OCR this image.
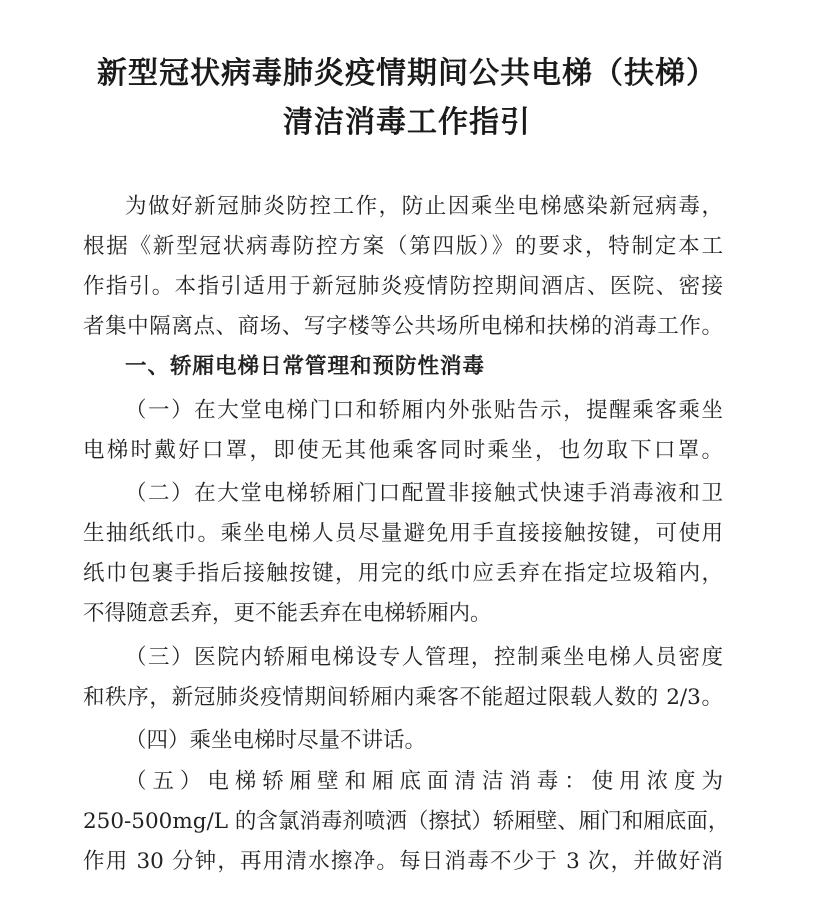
新型冠状病毒肺炎疫情期间公共电梯（扶梯）
清洁消毒工作指引
为做好新冠肺炎防控工作，防止因乘坐电梯感染新冠病毒，
根据《新型冠状病毒防控方案（第四版）》的要求，特制定本工
作指引。本指引适用于新冠肺炎疫情防控期间酒店、医院、密接
者集中隔离点、商场、写字楼等公共场所电梯和扶梯的消毒工作。
一、轿厢电梯日常管理和预防性消毒
（一）在大堂电梯门口和轿厢内外张贴告示，提醒乘客乘坐
电梯时戴好口罩，即使无其他乘客同时乘坐，也勿取下口罩。
（二）在大堂电梯轿厢门口配置非接触式快速手消毒液和卫
生抽纸纸巾。乘坐电梯人员尽量避免用手直接接触按键，可使用
纸巾包裹手指后接触按键，用完的纸巾应丢弃在指定垃圾箱内，
不得随意丢弃，更不能丢弃在电梯轿厢内。
（三）医院内轿厢电梯设专人管理，控制乘坐电梯人员密度
和秩序，新冠肺炎疫情期间轿厢内乘客不能超过限载人数的 2/3。
（四）乘坐电梯时尽量不讲话。
（五）电梯轿厢壁和厢底面清洁消毒：使用浓度为
250-500mg/L 的含氯消毒剂喷洒（擦拭）轿厢壁、厢门和厢底面，
作用 30 分钟，再用清水擦净。每日消毒不少于 3 次，并做好消
